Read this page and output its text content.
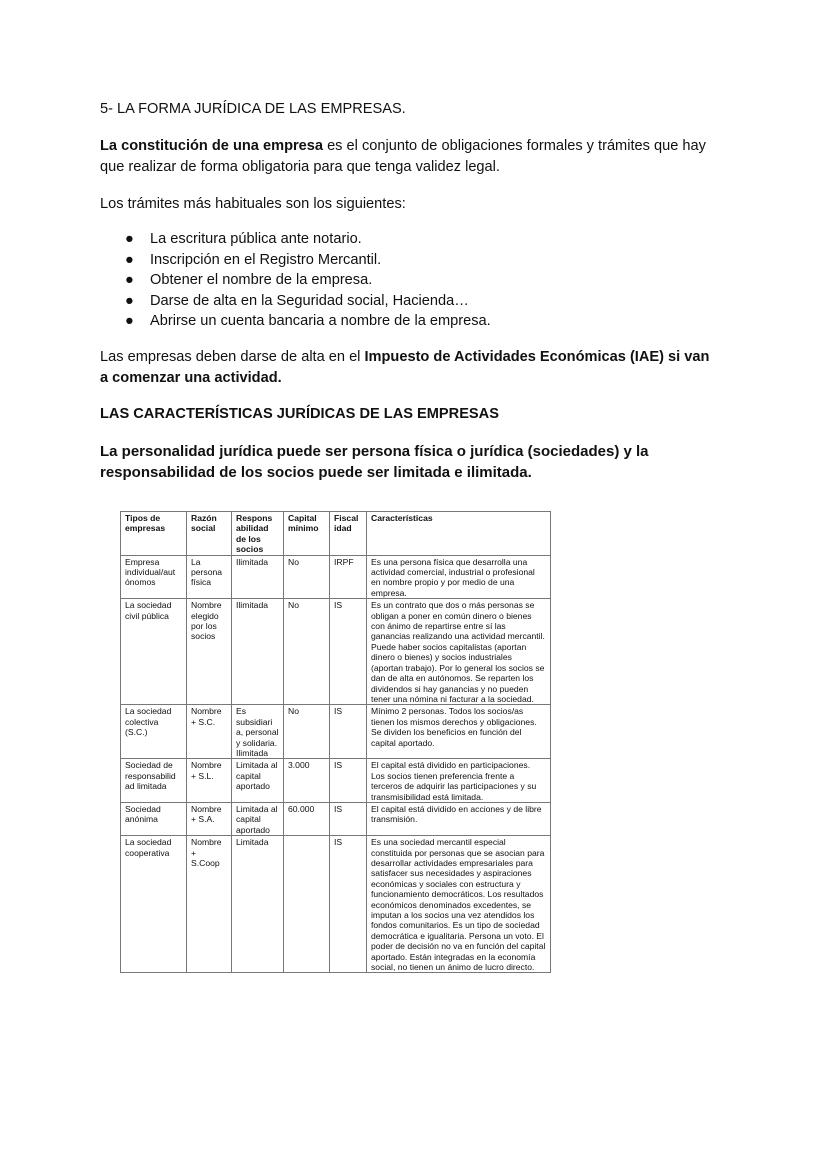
5- LA FORMA JURÍDICA DE LAS EMPRESAS.

La constitución de una empresa es el conjunto de obligaciones formales y trámites que hay que realizar de forma obligatoria para que tenga validez legal.

Los trámites más habituales son los siguientes:

● La escritura pública ante notario.
● Inscripción en el Registro Mercantil.
● Obtener el nombre de la empresa.
● Darse de alta en la Seguridad social, Hacienda…
● Abrirse un cuenta bancaria a nombre de la empresa.

Las empresas deben darse de alta en el Impuesto de Actividades Económicas (IAE) si van a comenzar una actividad.

LAS CARACTERÍSTICAS JURÍDICAS DE LAS EMPRESAS

La personalidad jurídica puede ser persona física o jurídica (sociedades) y la responsabilidad de los socios puede ser limitada e ilimitada.

Tipos de empresas	Razón social	Respons abilidad de los socios	Capital mínimo	Fiscal idad	Características
Empresa individual/aut ónomos	La persona física	Ilimitada	No	IRPF	Es una persona física que desarrolla una actividad comercial, industrial o profesional en nombre propio y por medio de una empresa.
La sociedad civil pública	Nombre elegido por los socios	Ilimitada	No	IS	Es un contrato que dos o más personas se obligan a poner en común dinero o bienes con ánimo de repartirse entre sí las ganancias realizando una actividad mercantil. Puede haber socios capitalistas (aportan dinero o bienes) y socios industriales (aportan trabajo). Por lo general los socios se dan de alta en autónomos. Se reparten los dividendos si hay ganancias y no pueden tener una nómina ni facturar a la sociedad.
La sociedad colectiva (S.C.)	Nombre + S.C.	Es subsidiari a, personal y solidaria. Ilimitada	No	IS	Mínimo 2 personas. Todos los socios/as tienen los mismos derechos y obligaciones. Se dividen los beneficios en función del capital aportado.
Sociedad de responsabilid ad limitada	Nombre + S.L.	Limitada al capital aportado	3.000	IS	El capital está dividido en participaciones. Los socios tienen preferencia frente a terceros de adquirir las participaciones y su transmisibilidad está limitada.
Sociedad anónima	Nombre + S.A.	Limitada al capital aportado	60.000	IS	El capital está dividido en acciones y de libre transmisión.
La sociedad cooperativa	Nombre + S.Coop	Limitada		IS	Es una sociedad mercantil especial constituida por personas que se asocian para desarrollar actividades empresariales para satisfacer sus necesidades y aspiraciones económicas y sociales con estructura y funcionamiento democráticos. Los resultados económicos denominados excedentes, se imputan a los socios una vez atendidos los fondos comunitarios. Es un tipo de sociedad democrática e igualitaria. Persona un voto. El poder de decisión no va en función del capital aportado. Están integradas en la economía social, no tienen un ánimo de lucro directo.
